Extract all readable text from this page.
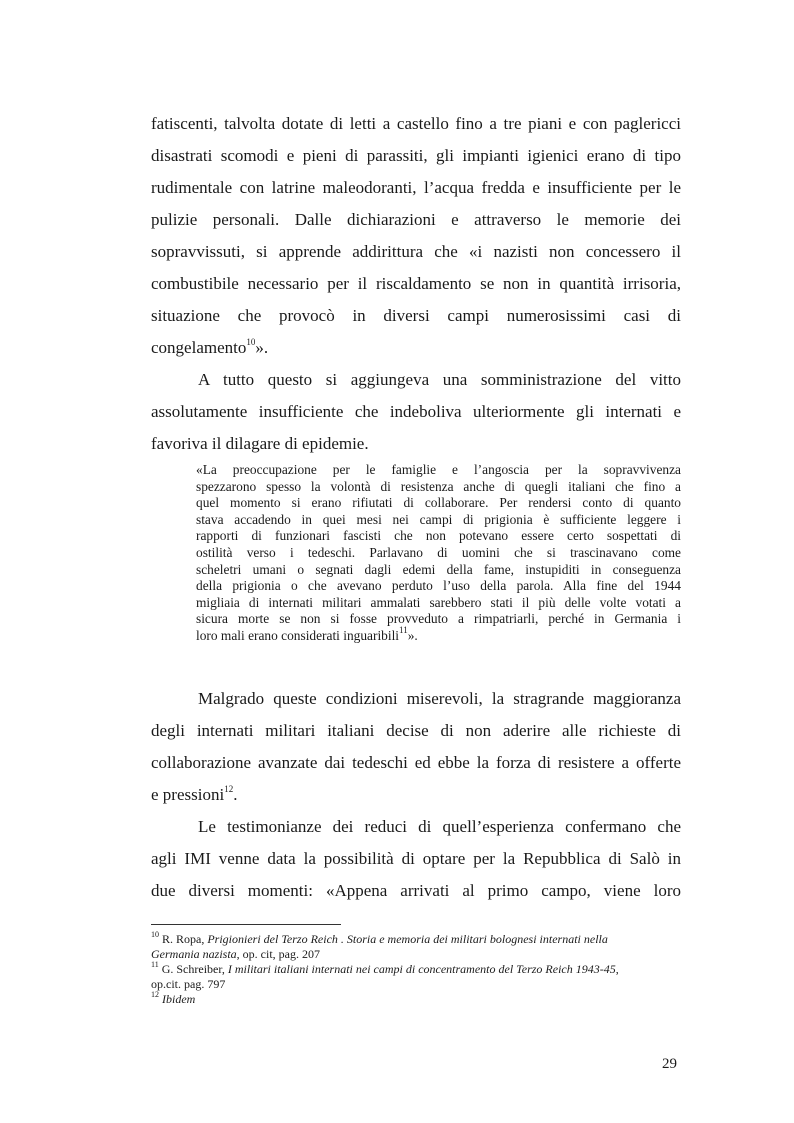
fatiscenti, talvolta dotate di letti a castello fino a tre piani e con paglericci
disastrati scomodi e pieni di parassiti, gli impianti igienici erano di tipo
rudimentale con latrine maleodoranti, l’acqua fredda e insufficiente per le
pulizie personali. Dalle dichiarazioni e attraverso le memorie dei
sopravvissuti, si apprende addirittura che «i nazisti non concessero il
combustibile necessario per il riscaldamento se non in quantità irrisoria,
situazione che provocò in diversi campi numerosissimi casi di
congelamento$^{10}$».
A tutto questo si aggiungeva una somministrazione del vitto
assolutamente insufficiente che indeboliva ulteriormente gli internati e
favoriva il dilagare di epidemie.
«La preoccupazione per le famiglie e l’angoscia per la sopravvivenza
spezzarono spesso la volontà di resistenza anche di quegli italiani che fino a
quel momento si erano rifiutati di collaborare. Per rendersi conto di quanto
stava accadendo in quei mesi nei campi di prigionia è sufficiente leggere i
rapporti di funzionari fascisti che non potevano essere certo sospettati di
ostilità verso i tedeschi. Parlavano di uomini che si trascinavano come
scheletri umani o segnati dagli edemi della fame, instupiditi in conseguenza
della prigionia o che avevano perduto l’uso della parola. Alla fine del 1944
migliaia di internati militari ammalati sarebbero stati il più delle volte votati a
sicura morte se non si fosse provveduto a rimpatriarli, perché in Germania i
loro mali erano considerati inguaribili$^{11}$».
Malgrado queste condizioni miserevoli, la stragrande maggioranza
degli internati militari italiani decise di non aderire alle richieste di
collaborazione avanzate dai tedeschi ed ebbe la forza di resistere a offerte
e pressioni$^{12}$.
Le testimonianze dei reduci di quell’esperienza confermano che
agli IMI venne data la possibilità di optare per la Repubblica di Salò in
due diversi momenti: «Appena arrivati al primo campo, viene loro
$^{10}$ R. Ropa, Prigionieri del Terzo Reich . Storia e memoria dei militari bolognesi internati nella
Germania nazista, op. cit, pag. 207
$^{11}$ G. Schreiber, I militari italiani internati nei campi di concentramento del Terzo Reich 1943-45,
op.cit. pag. 797
$^{12}$ Ibidem
29
